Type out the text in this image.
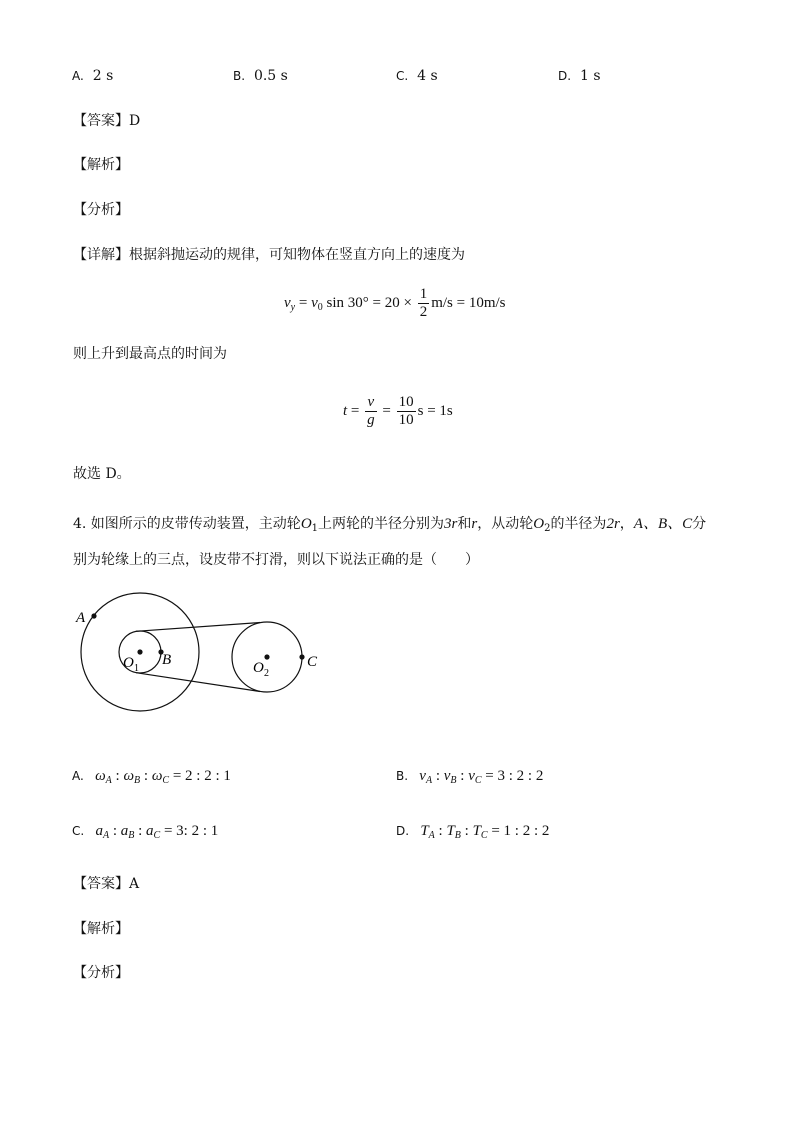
A. 2 s	B. 0.5 s	C. 4 s	D. 1 s
【答案】D
【解析】
【分析】
【详解】根据斜抛运动的规律，可知物体在竖直方向上的速度为
$v_y = v_0$ $\sin 30^\circ = 20 \times \frac{1}{2} m/s = 10m/s$
则上升到最高点的时间为
$t = \frac{v}{g} = \frac{10}{10}$ s = 1s
故选 D。
4. 如图所示的皮带传动装置，主动轮$O_1$上两轮的半径分别为3r和r，从动轮$O_2$的半径为2r，A、B、C分
别为轮缘上的三点，设皮带不打滑，则以下说法正确的是（　　）
A
B	C
O 1	O 2
A. $\omega_A$ : $\omega_B$ : $\omega_C = 2$ : 2 : 1	B. $v_A$ : $v_B$ : $v_C = 3$ : 2 : 2
C. $a_A$ : $a_B$ : $a_C = 3$: 2 : 1	D. $T_A$ : $T_B$ : $T_C = 1$ : 2 : 2
【答案】A
【解析】
【分析】
